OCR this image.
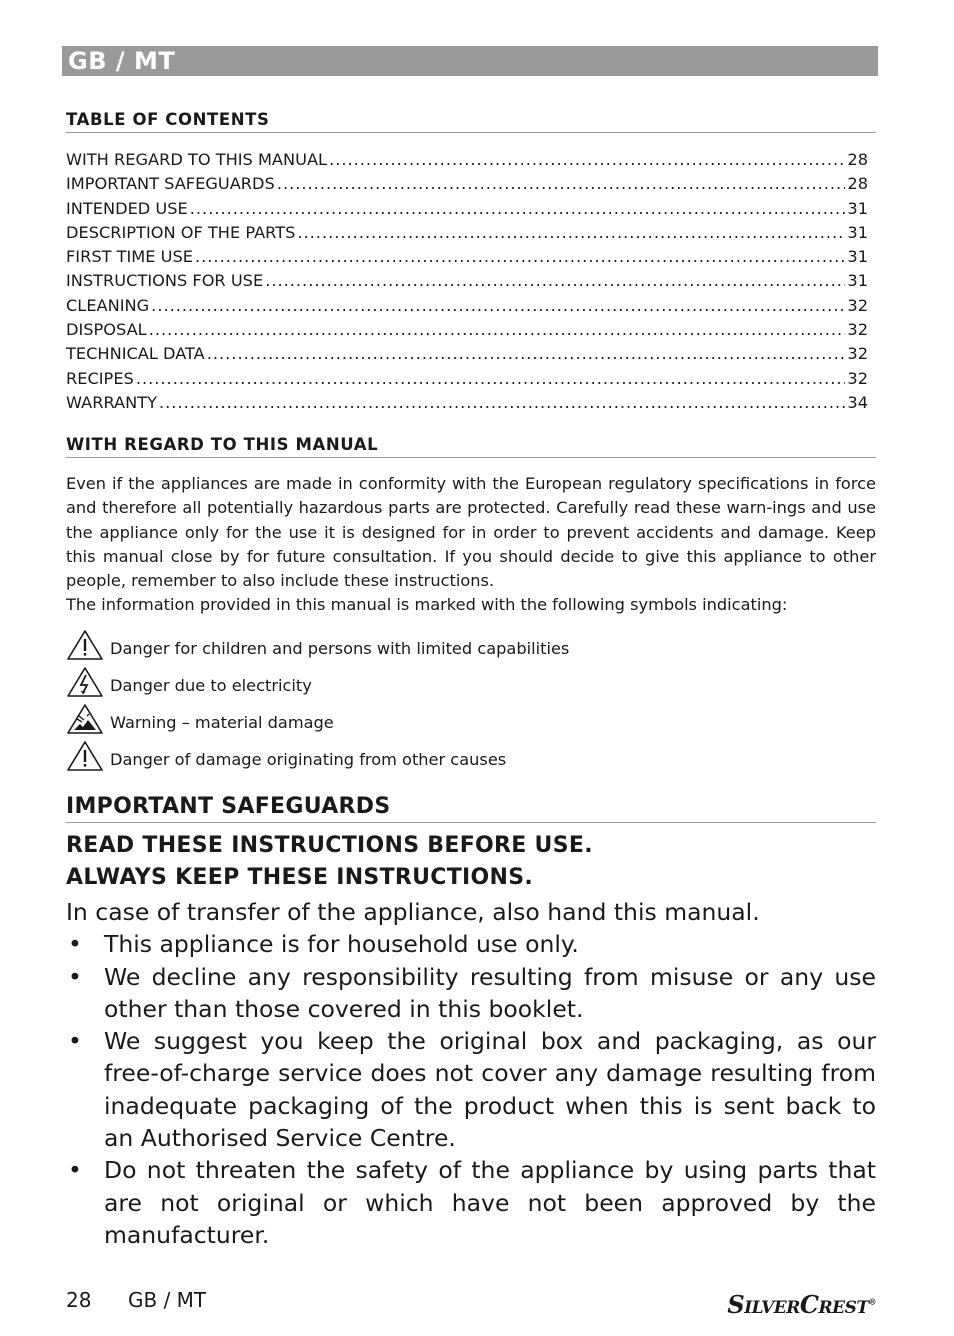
GB / MT
TABLE OF CONTENTS
WITH REGARD TO THIS MANUAL .....	28
IMPORTANT SAFEGUARDS .....	28
INTENDED USE .....	31
DESCRIPTION OF THE PARTS .....	31
FIRST TIME USE .....	31
INSTRUCTIONS FOR USE .....	31
CLEANING .....	32
DISPOSAL .....	32
TECHNICAL DATA .....	32
RECIPES .....	32
WARRANTY .....	34
WITH REGARD TO THIS MANUAL

Even if the appliances are made in conformity with the European regulatory specifications in force and therefore all potentially hazardous parts are protected. Carefully read these warn-ings and use the appliance only for the use it is designed for in order to prevent accidents and damage. Keep this manual close by for future consultation. If you should decide to give this appliance to other people, remember to also include these instructions.

The information provided in this manual is marked with the following symbols indicating:

Danger for children and persons with limited capabilities
Danger due to electricity
Warning – material damage
Danger of damage originating from other causes
IMPORTANT SAFEGUARDS
READ THESE INSTRUCTIONS BEFORE USE.
ALWAYS KEEP THESE INSTRUCTIONS.
In case of transfer of the appliance, also hand this manual.
• This appliance is for household use only.
• We decline any responsibility resulting from misuse or any use other than those covered in this booklet.
• We suggest you keep the original box and packaging, as our free-of-charge service does not cover any damage resulting from inadequate packaging of the product when this is sent back to an Authorised Service Centre.
• Do not threaten the safety of the appliance by using parts that are not original or which have not been approved by the manufacturer.
28 GB / MT	SILVERCREST®
